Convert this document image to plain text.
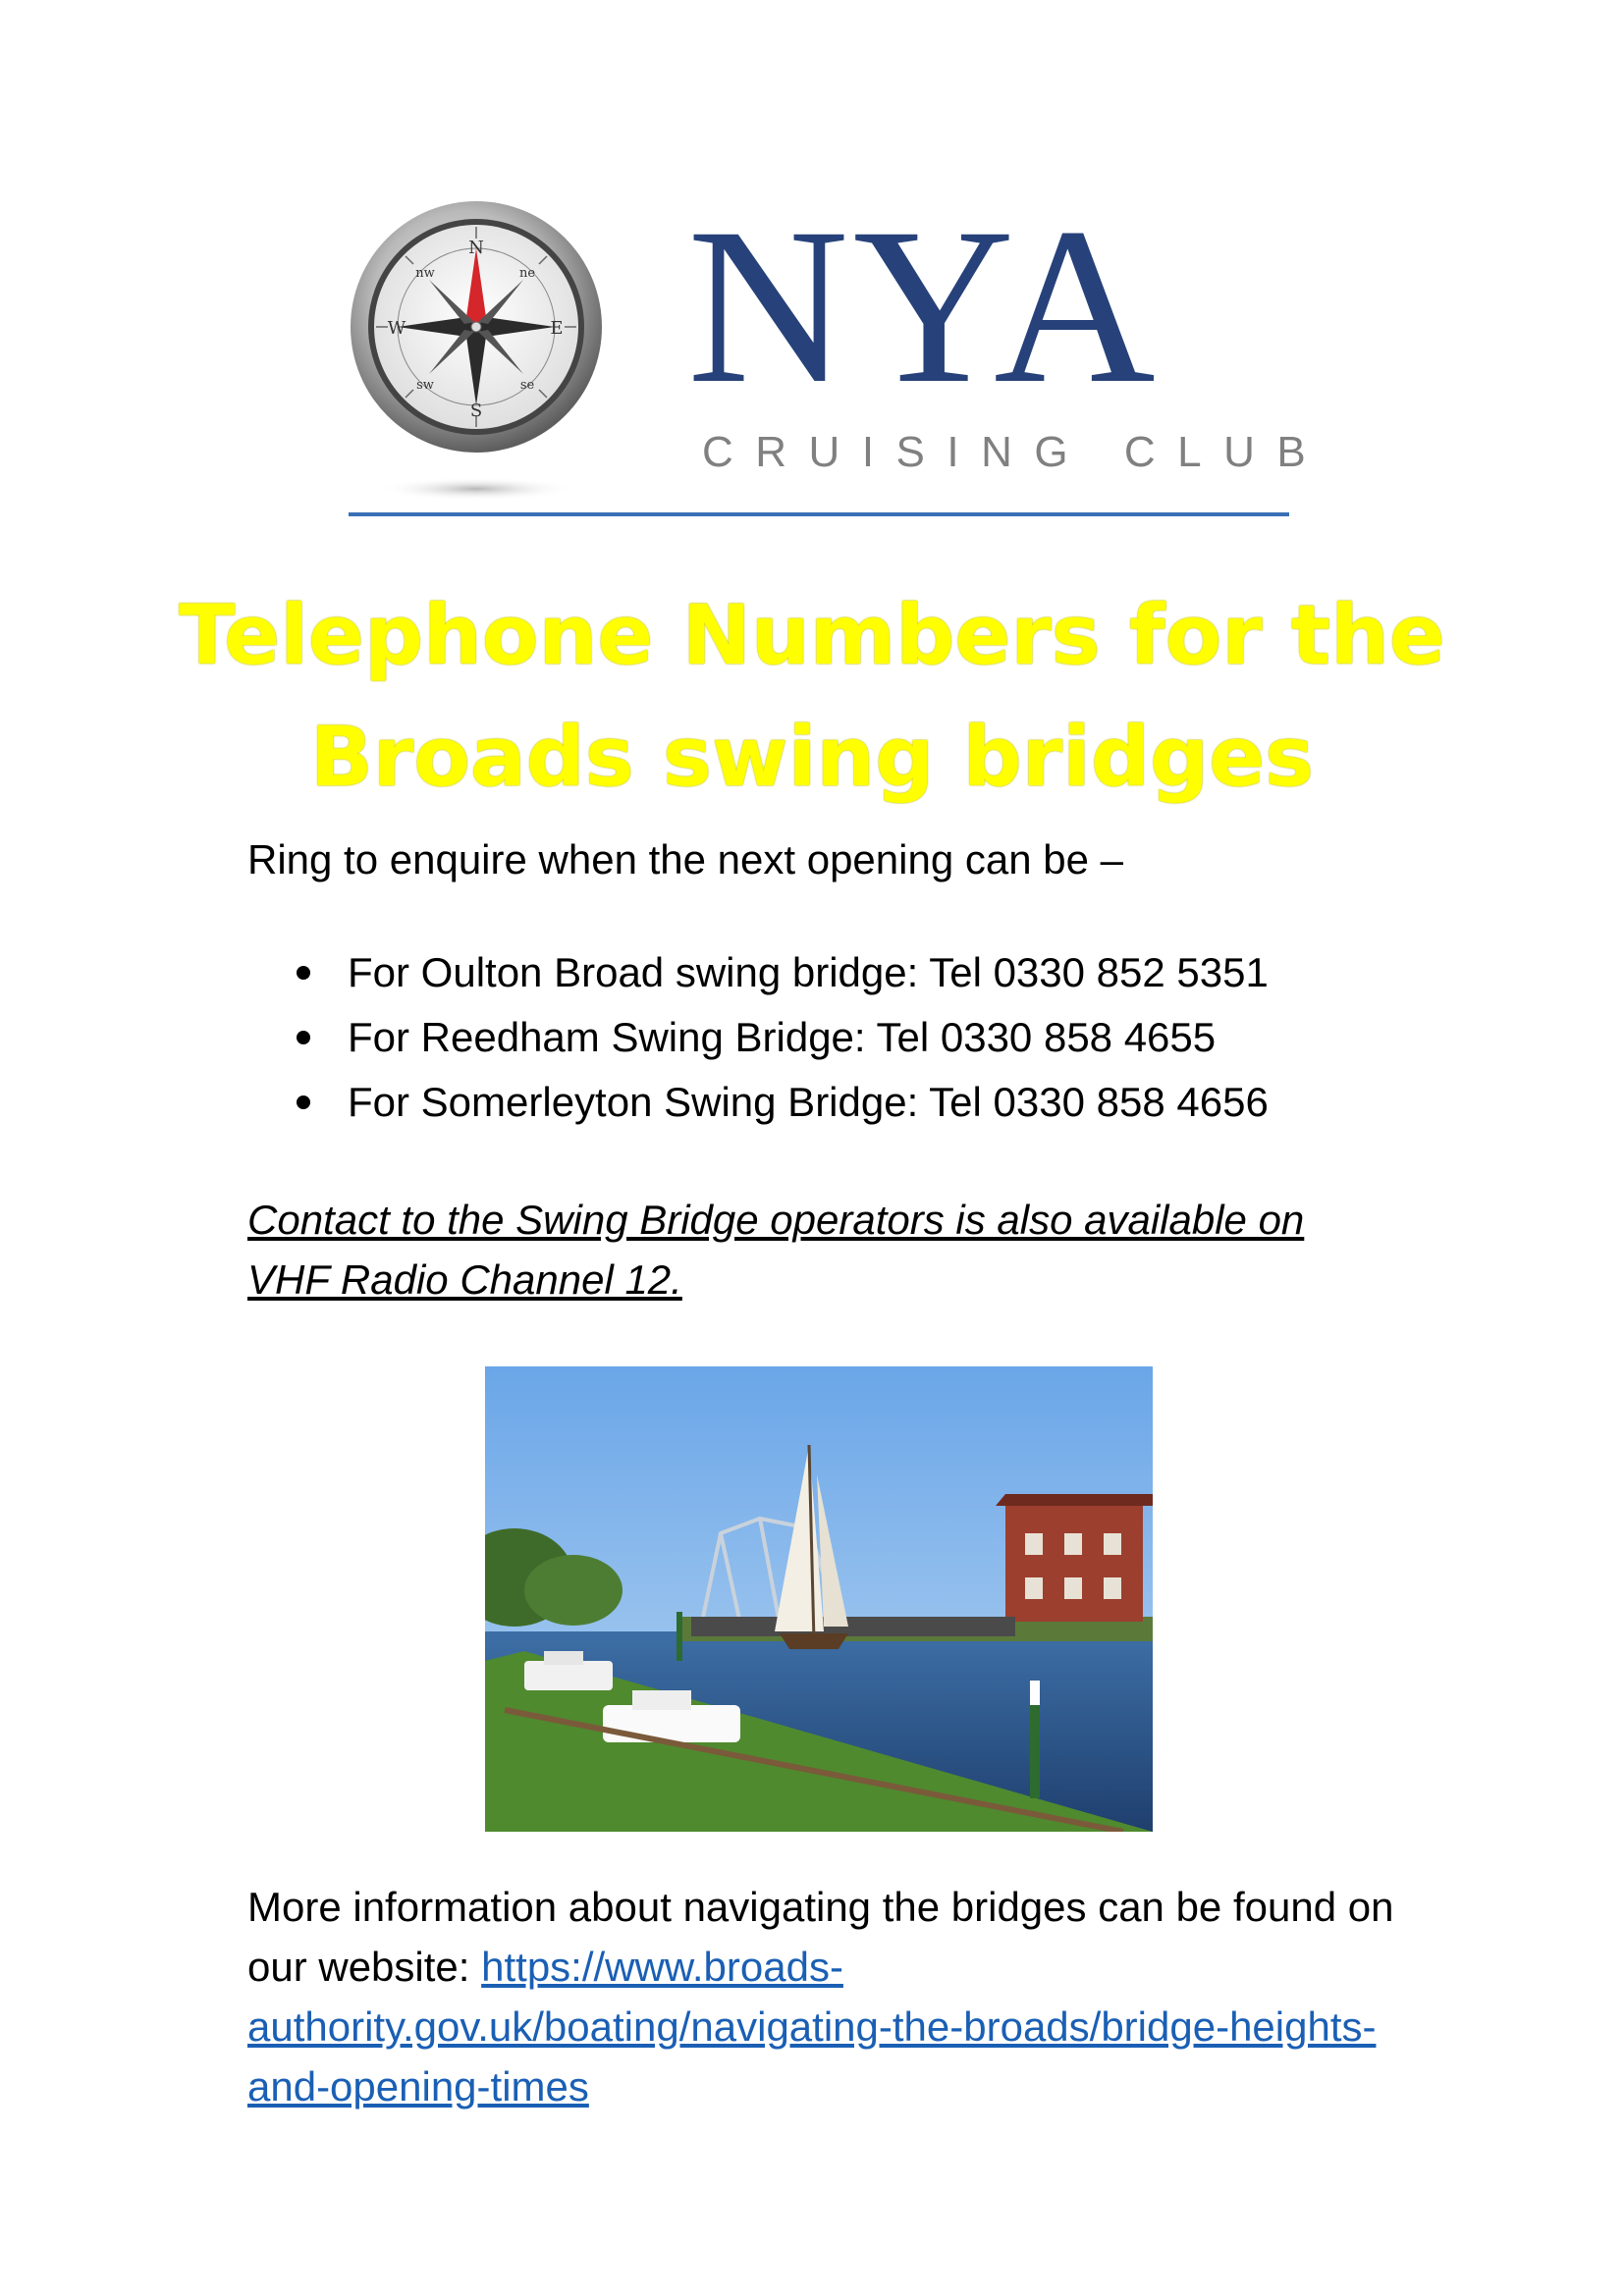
N
S
W	E
nw	ne
sw	se NYA
CRUISING CLUB
Telephone Numbers for the
Broads swing bridges
Ring to enquire when the next opening can be –
For Oulton Broad swing bridge: Tel 0330 852 5351
For Reedham Swing Bridge: Tel 0330 858 4655
For Somerleyton Swing Bridge: Tel 0330 858 4656
Contact to the Swing Bridge operators is also available on VHF Radio Channel 12.
More information about navigating the bridges can be found on our website: https://www.broads-authority.gov.uk/boating/navigating-the-broads/bridge-heights-and-opening-times
